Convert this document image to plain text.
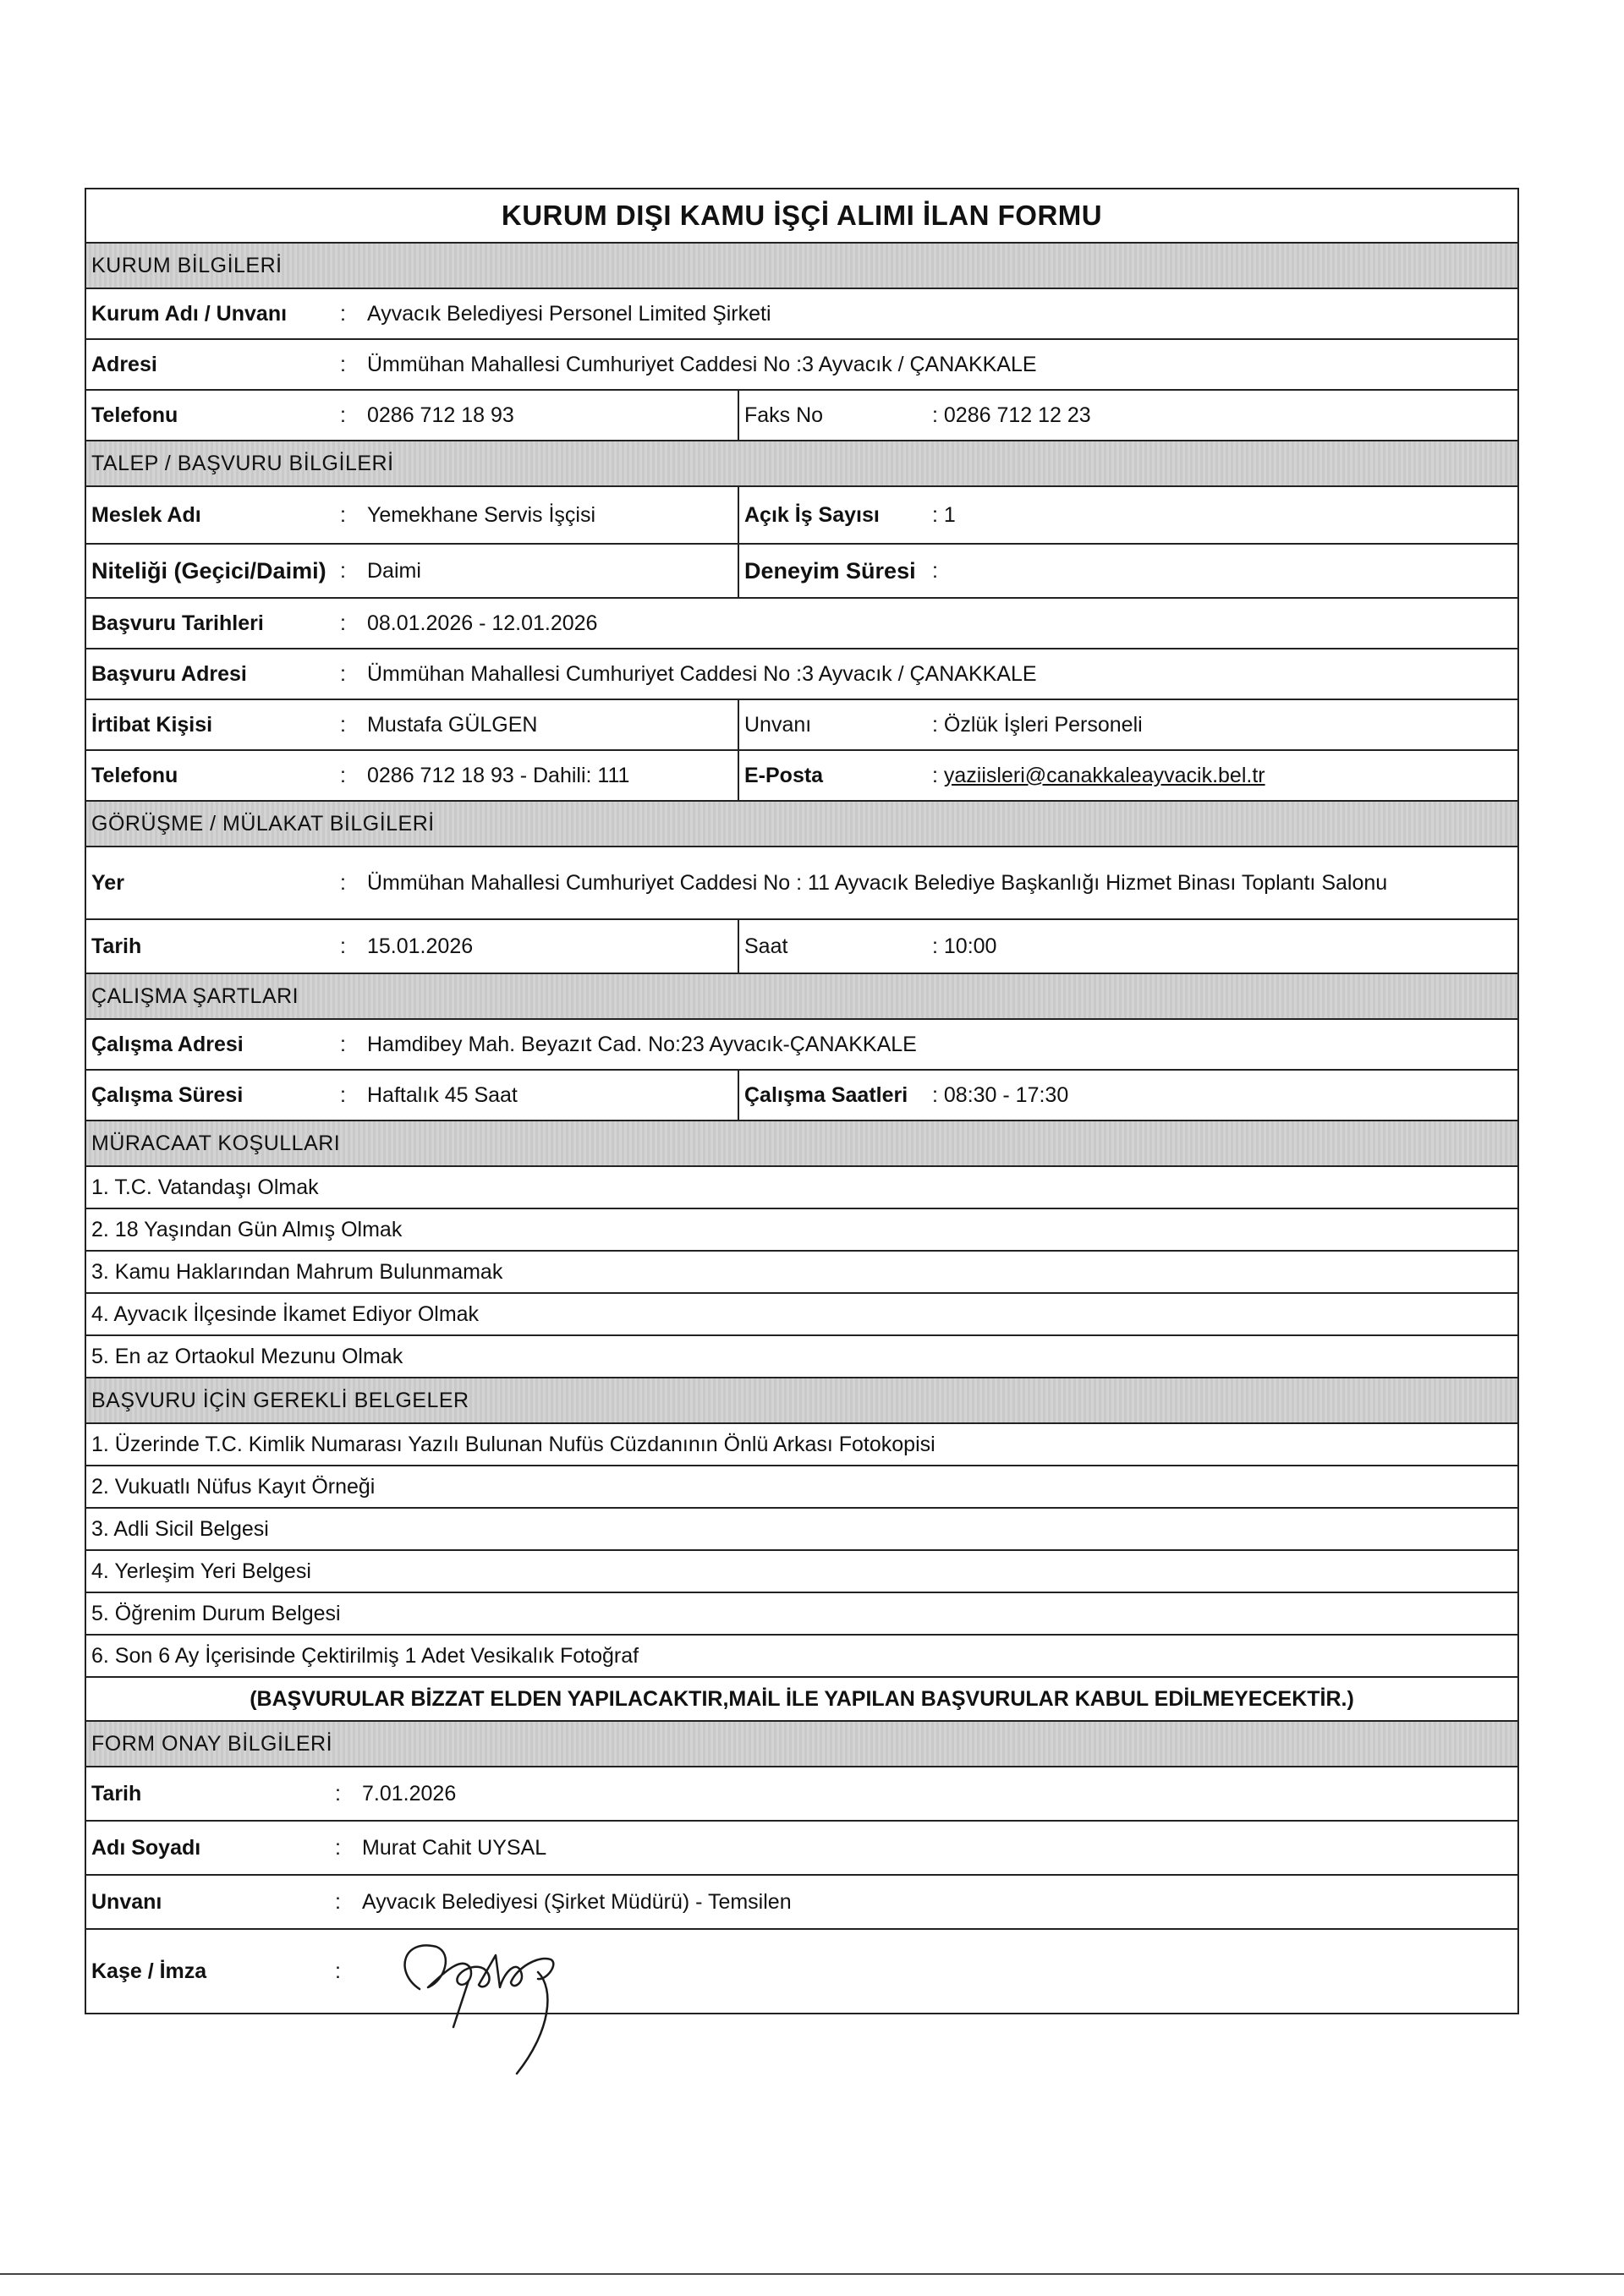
KURUM DIŞI KAMU İŞÇİ ALIMI İLAN FORMU
KURUM BİLGİLERİ
Kurum Adı / Unvanı	:	Ayvacık Belediyesi Personel Limited Şirketi
Adresi	:	Ümmühan Mahallesi Cumhuriyet Caddesi No :3 Ayvacık / ÇANAKKALE
Telefonu	:	0286 712 18 93	Faks No	: 0286 712 12 23
TALEP / BAŞVURU BİLGİLERİ
Meslek Adı	:	Yemekhane Servis İşçisi	Açık İş Sayısı	: 1
Niteliği (Geçici/Daimi) :	Daimi	Deneyim Süresi :
Başvuru Tarihleri	:	08.01.2026 - 12.01.2026
Başvuru Adresi	:	Ümmühan Mahallesi Cumhuriyet Caddesi No :3 Ayvacık / ÇANAKKALE
İrtibat Kişisi	:	Mustafa GÜLGEN	Unvanı	: Özlük İşleri Personeli
Telefonu	:	0286 712 18 93 - Dahili: 111	E-Posta	: yaziisleri@canakkaleayvacik.bel.tr
GÖRÜŞME / MÜLAKAT BİLGİLERİ
Yer	:	Ümmühan Mahallesi Cumhuriyet Caddesi No : 11 Ayvacık Belediye Başkanlığı Hizmet Binası Toplantı Salonu
Tarih	:	15.01.2026	Saat	: 10:00
ÇALIŞMA ŞARTLARI
Çalışma Adresi	:	Hamdibey Mah. Beyazıt Cad. No:23 Ayvacık-ÇANAKKALE
Çalışma Süresi	:	Haftalık 45 Saat	Çalışma Saatleri	: 08:30 - 17:30
MÜRACAAT KOŞULLARI
1. T.C. Vatandaşı Olmak
2. 18 Yaşından Gün Almış Olmak
3. Kamu Haklarından Mahrum Bulunmamak
4. Ayvacık İlçesinde İkamet Ediyor Olmak
5. En az Ortaokul Mezunu Olmak
BAŞVURU İÇİN GEREKLİ BELGELER
1. Üzerinde T.C. Kimlik Numarası Yazılı Bulunan Nufüs Cüzdanının Önlü Arkası Fotokopisi
2. Vukuatlı Nüfus Kayıt Örneği
3. Adli Sicil Belgesi
4. Yerleşim Yeri Belgesi
5. Öğrenim Durum Belgesi
6. Son 6 Ay İçerisinde Çektirilmiş 1 Adet Vesikalık Fotoğraf
(BAŞVURULAR BİZZAT ELDEN YAPILACAKTIR,MAİL İLE YAPILAN BAŞVURULAR KABUL EDİLMEYECEKTİR.)
FORM ONAY BİLGİLERİ
Tarih	:	7.01.2026
Adı Soyadı	:	Murat Cahit UYSAL
Unvanı	:	Ayvacık Belediyesi (Şirket Müdürü) - Temsilen
Kaşe / İmza	:
